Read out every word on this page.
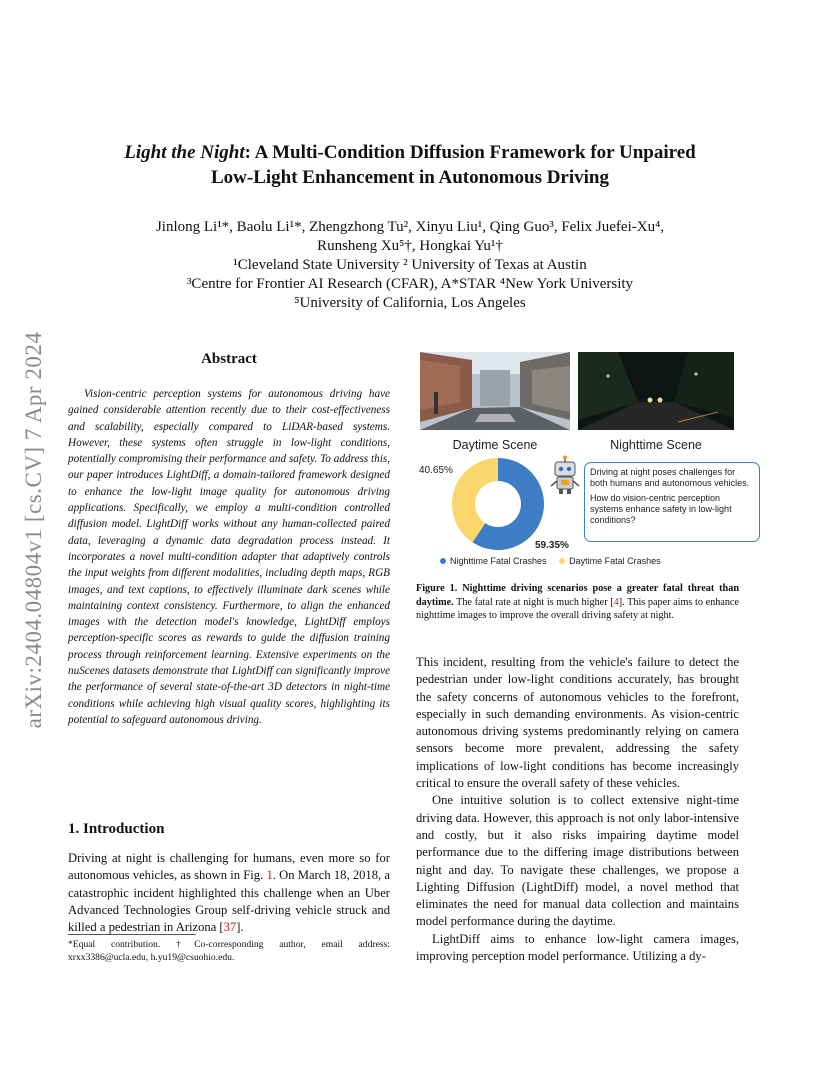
arXiv:2404.04804v1 [cs.CV] 7 Apr 2024
Light the Night: A Multi-Condition Diffusion Framework for Unpaired
Low-Light Enhancement in Autonomous Driving
Jinlong Li¹*, Baolu Li¹*, Zhengzhong Tu², Xinyu Liu¹, Qing Guo³, Felix Juefei-Xu⁴,
Runsheng Xu⁵†, Hongkai Yu¹†
¹Cleveland State University ² University of Texas at Austin
³Centre for Frontier AI Research (CFAR), A*STAR ⁴New York University
⁵University of California, Los Angeles
Abstract
Vision-centric perception systems for autonomous driving have gained considerable attention recently due to their cost-effectiveness and scalability, especially compared to LiDAR-based systems. However, these systems often struggle in low-light conditions, potentially compromising their performance and safety. To address this, our paper introduces LightDiff, a domain-tailored framework designed to enhance the low-light image quality for autonomous driving applications. Specifically, we employ a multi-condition controlled diffusion model. LightDiff works without any human-collected paired data, leveraging a dynamic data degradation process instead. It incorporates a novel multi-condition adapter that adaptively controls the input weights from different modalities, including depth maps, RGB images, and text captions, to effectively illuminate dark scenes while maintaining context consistency. Furthermore, to align the enhanced images with the detection model's knowledge, LightDiff employs perception-specific scores as rewards to guide the diffusion training process through reinforcement learning. Extensive experiments on the nuScenes datasets demonstrate that LightDiff can significantly improve the performance of several state-of-the-art 3D detectors in night-time conditions while achieving high visual quality scores, highlighting its potential to safeguard autonomous driving.
1. Introduction

Driving at night is challenging for humans, even more so for autonomous vehicles, as shown in Fig. 1. On March 18, 2018, a catastrophic incident highlighted this challenge when an Uber Advanced Technologies Group self-driving vehicle struck and killed a pedestrian in Arizona [37].

*Equal contribution. †Co-corresponding author, email address: xrxx3386@ucla.edu, h.yu19@csuohio.edu.
Daytime Scene	Nighttime Scene
40.65%
59.35%

Driving at night poses challenges for both humans and autonomous vehicles.

How do vision-centric perception systems enhance safety in low-light conditions?

Nighttime Fatal Crashes	Daytime Fatal Crashes
Figure 1. Nighttime driving scenarios pose a greater fatal threat than daytime. The fatal rate at night is much higher [4]. This paper aims to enhance nighttime images to improve the overall driving safety at night.

This incident, resulting from the vehicle's failure to detect the pedestrian under low-light conditions accurately, has brought the safety concerns of autonomous vehicles to the forefront, especially in such demanding environments. As vision-centric autonomous driving systems predominantly relying on camera sensors become more prevalent, addressing the safety implications of low-light conditions has become increasingly critical to ensure the overall safety of these vehicles.

One intuitive solution is to collect extensive night-time driving data. However, this approach is not only labor-intensive and costly, but it also risks impairing daytime model performance due to the differing image distributions between night and day. To navigate these challenges, we propose a Lighting Diffusion (LightDiff) model, a novel method that eliminates the need for manual data collection and maintains model performance during the daytime.

LightDiff aims to enhance low-light camera images, improving perception model performance. Utilizing a dy-
